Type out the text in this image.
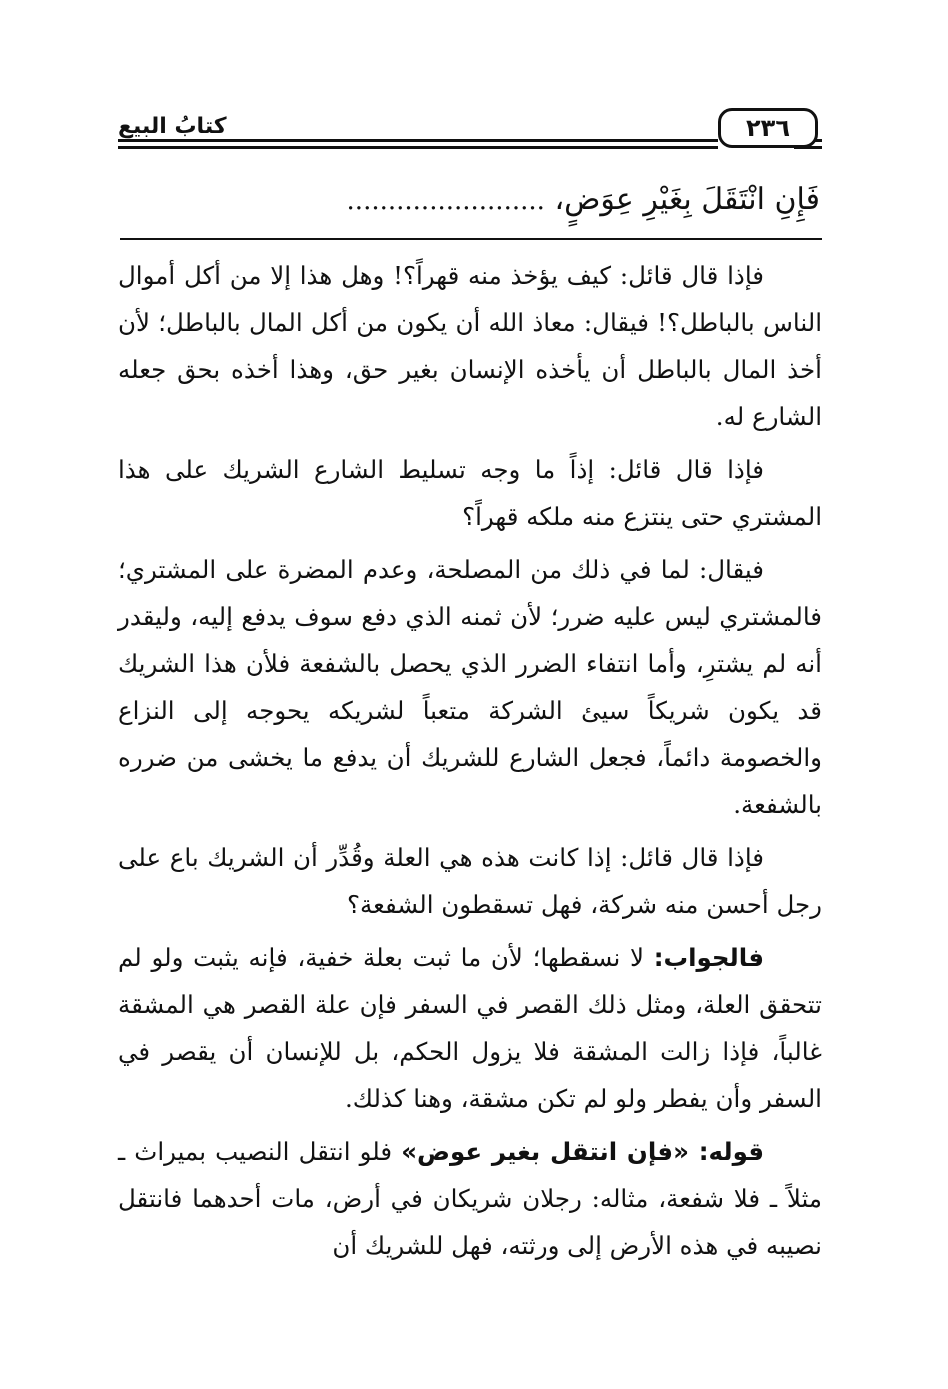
كتابُ البيع	٢٣٦
فَإِنِ انْتَقَلَ بِغَيْرِ عِوَضٍ، ........................

فإذا قال قائل: كيف يؤخذ منه قهراً؟! وهل هذا إلا من أكل أموال الناس بالباطل؟! فيقال: معاذ الله أن يكون من أكل المال بالباطل؛ لأن أخذ المال بالباطل أن يأخذه الإنسان بغير حق، وهذا أخذه بحق جعله الشارع له.

فإذا قال قائل: إذاً ما وجه تسليط الشارع الشريك على هذا المشتري حتى ينتزع منه ملكه قهراً؟

فيقال: لما في ذلك من المصلحة، وعدم المضرة على المشتري؛ فالمشتري ليس عليه ضرر؛ لأن ثمنه الذي دفع سوف يدفع إليه، وليقدر أنه لم يشترِ، وأما انتفاء الضرر الذي يحصل بالشفعة فلأن هذا الشريك قد يكون شريكاً سيئ الشركة متعباً لشريكه يحوجه إلى النزاع والخصومة دائماً، فجعل الشارع للشريك أن يدفع ما يخشى من ضرره بالشفعة.

فإذا قال قائل: إذا كانت هذه هي العلة وقُدِّر أن الشريك باع على رجل أحسن منه شركة، فهل تسقطون الشفعة؟

فالجواب: لا نسقطها؛ لأن ما ثبت بعلة خفية، فإنه يثبت ولو لم تتحقق العلة، ومثل ذلك القصر في السفر فإن علة القصر هي المشقة غالباً، فإذا زالت المشقة فلا يزول الحكم، بل للإنسان أن يقصر في السفر وأن يفطر ولو لم تكن مشقة، وهنا كذلك.

قوله: «فإن انتقل بغير عوض» فلو انتقل النصيب بميراث ـ مثلاً ـ فلا شفعة، مثاله: رجلان شريكان في أرض، مات أحدهما فانتقل نصيبه في هذه الأرض إلى ورثته، فهل للشريك أن
